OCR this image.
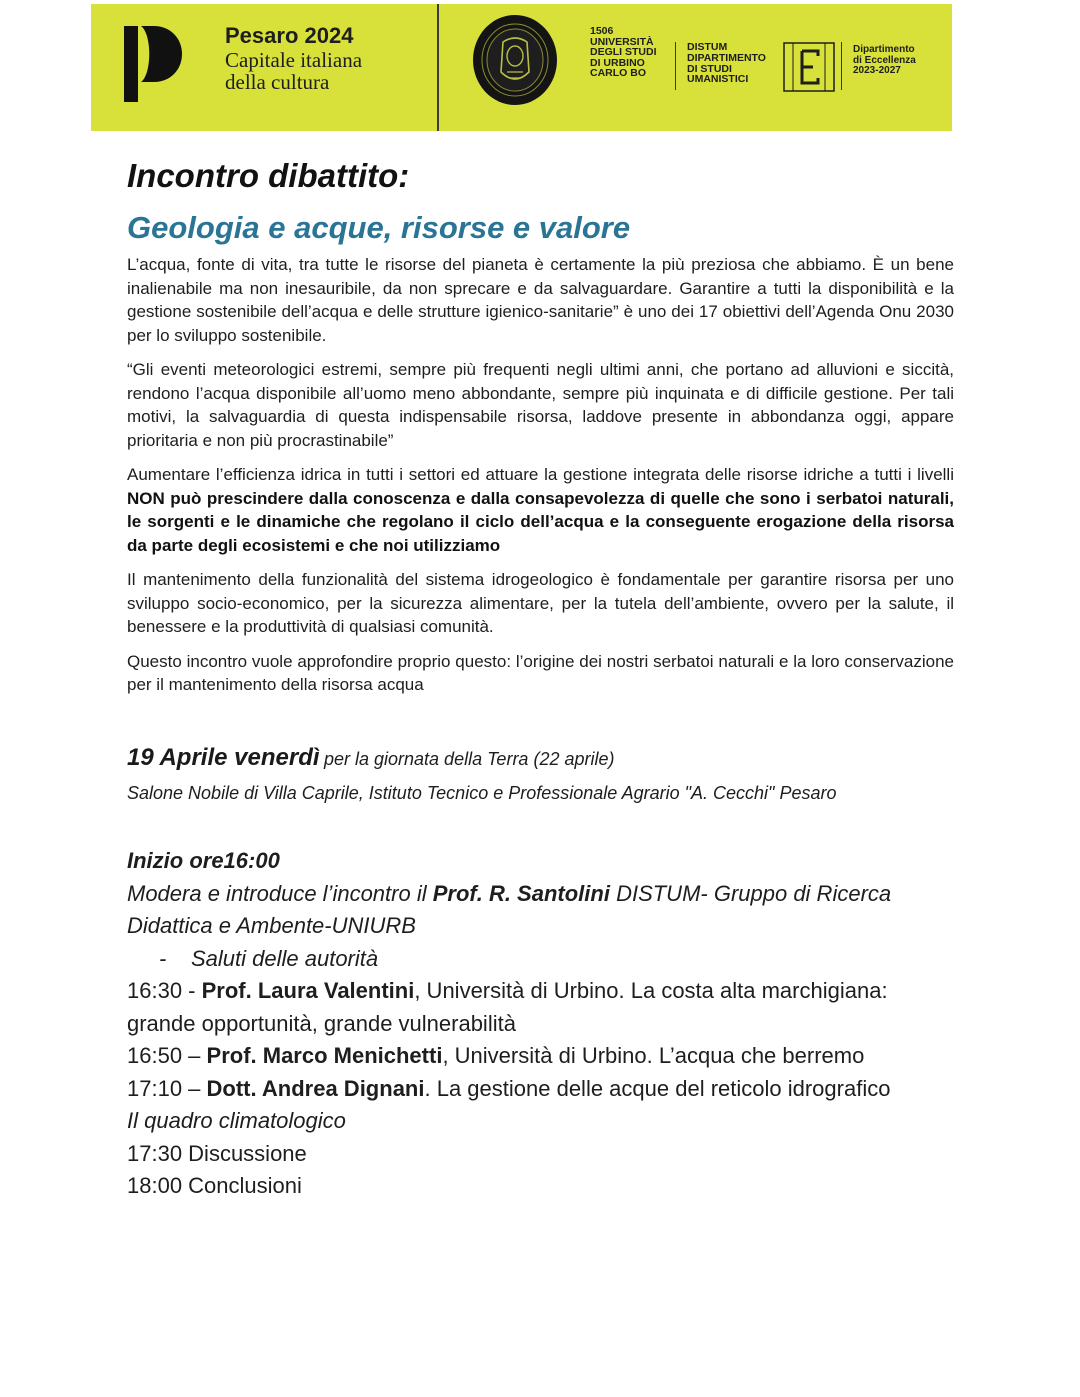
Pesaro 2024
Capitale italiana
della cultura
1506
UNIVERSITÀ
DEGLI STUDI
DI URBINO
CARLO BO
DISTUM
DIPARTIMENTO
DI STUDI
UMANISTICI
Dipartimento
di Eccellenza
2023-2027
Incontro dibattito:
Geologia e acque, risorse e valore

L’acqua, fonte di vita, tra tutte le risorse del pianeta è certamente la più preziosa che abbiamo. È un bene inalienabile ma non inesauribile, da non sprecare e da salvaguardare. Garantire a tutti la disponibilità e la gestione sostenibile dell’acqua e delle strutture igienico-sanitarie” è uno dei 17 obiettivi dell’Agenda Onu 2030 per lo sviluppo sostenibile.

“Gli eventi meteorologici estremi, sempre più frequenti negli ultimi anni, che portano ad alluvioni e siccità, rendono l’acqua disponibile all’uomo meno abbondante, sempre più inquinata e di difficile gestione. Per tali motivi, la salvaguardia di questa indispensabile risorsa, laddove presente in abbondanza oggi, appare prioritaria e non più procrastinabile”

Aumentare l’efficienza idrica in tutti i settori ed attuare la gestione integrata delle risorse idriche a tutti i livelli NON può prescindere dalla conoscenza e dalla consapevolezza di quelle che sono i serbatoi naturali, le sorgenti e le dinamiche che regolano il ciclo dell’acqua e la conseguente erogazione della risorsa da parte degli ecosistemi e che noi utilizziamo

Il mantenimento della funzionalità del sistema idrogeologico è fondamentale per garantire risorsa per uno sviluppo socio-economico, per la sicurezza alimentare, per la tutela dell’ambiente, ovvero per la salute, il benessere e la produttività di qualsiasi comunità.

Questo incontro vuole approfondire proprio questo: l’origine dei nostri serbatoi naturali e la loro conservazione per il mantenimento della risorsa acqua

19 Aprile venerdì per la giornata della Terra (22 aprile)

Salone Nobile di Villa Caprile, Istituto Tecnico e Professionale Agrario "A. Cecchi" Pesaro

Inizio ore16:00

Modera e introduce l’incontro il Prof. R. Santolini DISTUM- Gruppo di Ricerca

Didattica e Ambente-UNIURB

- Saluti delle autorità

16:30 - Prof. Laura Valentini, Università di Urbino. La costa alta marchigiana:

grande opportunità, grande vulnerabilità

16:50 – Prof. Marco Menichetti, Università di Urbino. L’acqua che berremo

17:10 – Dott. Andrea Dignani. La gestione delle acque del reticolo idrografico

Il quadro climatologico

17:30 Discussione

18:00 Conclusioni
